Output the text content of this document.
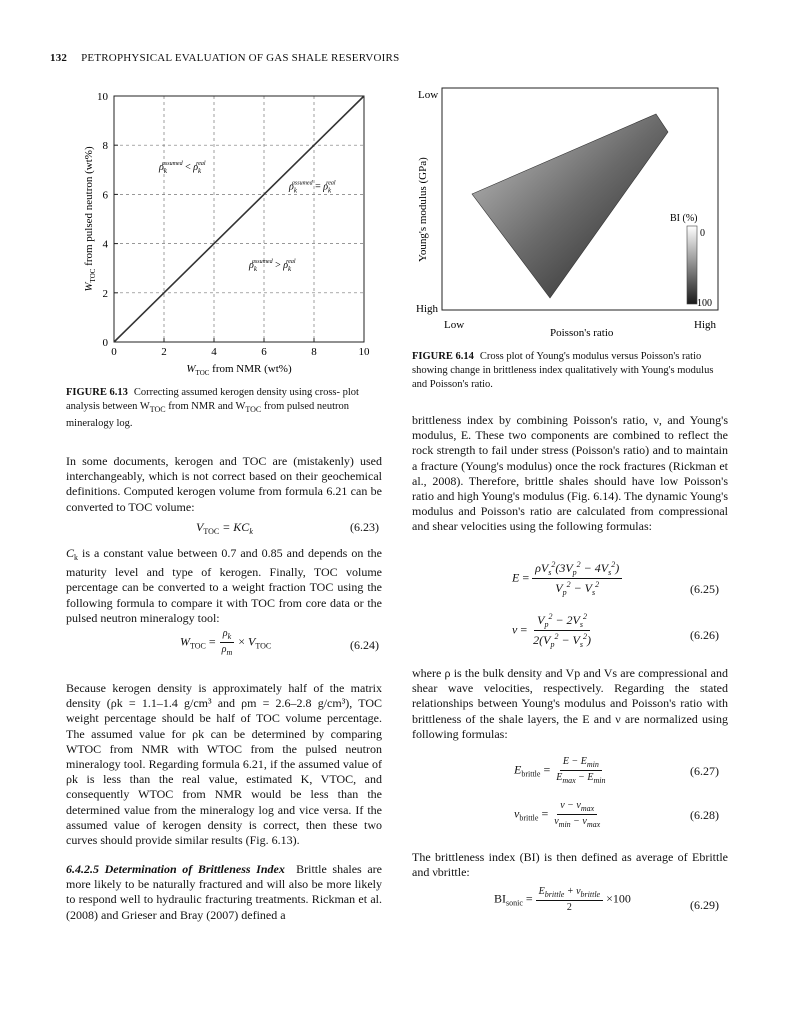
132 PETROPHYSICAL EVALUATION OF GAS SHALE RESERVOIRS
0	2	4	6	8	10
0
2
4
6
8
10
$\rho_kassumed$ < $\rho_kreal$
$\rho_kassumed$ = $\rho_kreal$
$\rho_kassumed$ > $\rho_kreal$
$W_{TOC}$ from NMR (wt%)
$W_{TOC}$ from pulsed neutron (wt%)
FIGURE 6.13 Correcting assumed kerogen density using cross- plot analysis between $W_{TOC}$ from NMR and $W_{TOC}$ from pulsed neutron mineralogy log.
Low
High
Low	High
Poisson's ratio
Young's modulus (GPa)	BI (%)
0
100
FIGURE 6.14 Cross plot of Young's modulus versus Poisson's ratio showing change in brittleness index qualitatively with Young's modulus and Poisson's ratio.
In some documents, kerogen and TOC are (mistakenly) used interchangeably, which is not correct based on their geochemical definitions. Computed kerogen volume from formula 6.21 can be converted to TOC volume:
$V_{TOC} = KC_k$	(6.23)
$C_k$ is a constant value between 0.7 and 0.85 and depends on the maturity level and type of kerogen. Finally, TOC volume percentage can be converted to a weight fraction TOC using the following formula to compare it with TOC from core data or the pulsed neutron mineralogy tool:
$W_{TOC} = \frac{\rho_k}{\rho_m} \times V_{TOC}$	(6.24)
Because kerogen density is approximately half of the matrix density (ρk = 1.1–1.4 g/cm³ and ρm = 2.6–2.8 g/cm³), TOC weight percentage should be half of TOC volume percentage. The assumed value for ρk can be determined by comparing WTOC from NMR with WTOC from the pulsed neutron mineralogy tool. Regarding formula 6.21, if the assumed value of ρk is less than the real value, estimated K, VTOC, and consequently WTOC from NMR would be less than the determined value from the mineralogy log and vice versa. If the assumed value of kerogen density is correct, then these two curves should provide similar results (Fig. 6.13).
6.4.2.5 Determination of Brittleness Index Brittle shales are more likely to be naturally fractured and will also be more likely to respond well to hydraulic fracturing treatments. Rickman et al. (2008) and Grieser and Bray (2007) defined a
brittleness index by combining Poisson's ratio, ν, and Young's modulus, E. These two components are combined to reflect the rock strength to fail under stress (Poisson's ratio) and to maintain a fracture (Young's modulus) once the rock fractures (Rickman et al., 2008). Therefore, brittle shales should have low Poisson's ratio and high Young's modulus (Fig. 6.14). The dynamic Young's modulus and Poisson's ratio are calculated from compressional and shear velocities using the following formulas:
$E = \frac{\rho V_s^2(3V_p^2 - 4V_s^2)}{V_p^2 - V_s^2}$	(6.25)
$\nu = \frac{V_p^2 - 2V_s^2}{2(V_p^2 - V_s^2)}$	(6.26)
where ρ is the bulk density and Vp and Vs are compressional and shear wave velocities, respectively. Regarding the stated relationships between Young's modulus and Poisson's ratio with brittleness of the shale layers, the E and ν are normalized using following formulas:
$E_{brittle} = \frac{E - E_{min}}{E_{max} - E_{min}}$	(6.27)
$\nu_{brittle} = \frac{\nu - \nu_{max}}{\nu_{min} - \nu_{max}}$	(6.28)
The brittleness index (BI) is then defined as average of Ebrittle and νbrittle:
$BI_{sonic} = \frac{E_{brittle} + \nu_{brittle}}{2} \times 100$	(6.29)
